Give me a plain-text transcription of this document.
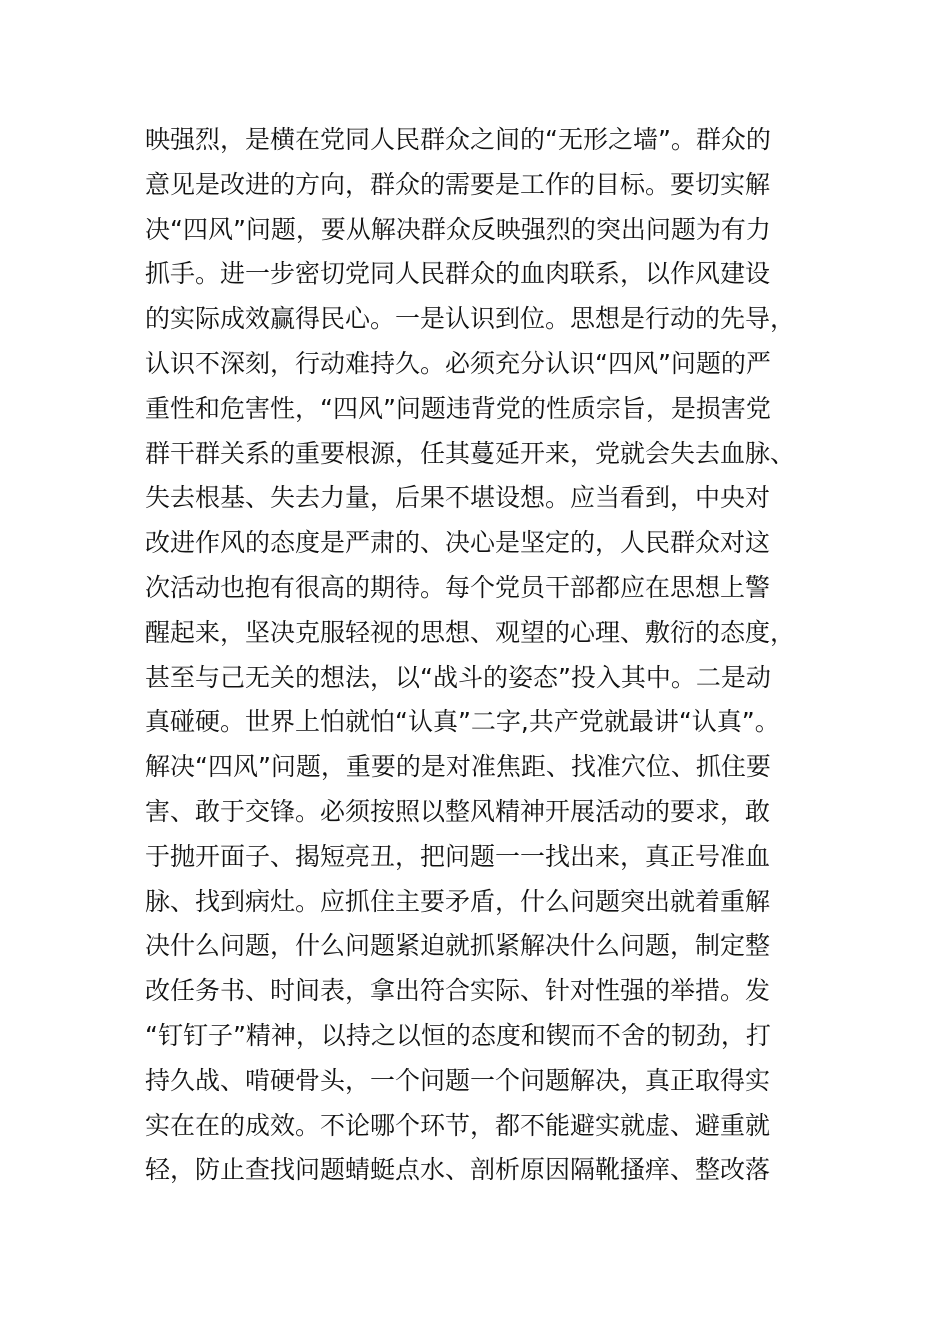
映强烈，是横在党同人民群众之间的“无形之墙”。群众的
意见是改进的方向，群众的需要是工作的目标。要切实解
决“四风”问题，要从解决群众反映强烈的突出问题为有力
抓手。进一步密切党同人民群众的血肉联系，以作风建设
的实际成效赢得民心。一是认识到位。思想是行动的先导，
认识不深刻，行动难持久。必须充分认识“四风”问题的严
重性和危害性，“四风”问题违背党的性质宗旨，是损害党
群干群关系的重要根源，任其蔓延开来，党就会失去血脉、
失去根基、失去力量，后果不堪设想。应当看到，中央对
改进作风的态度是严肃的、决心是坚定的，人民群众对这
次活动也抱有很高的期待。每个党员干部都应在思想上警
醒起来，坚决克服轻视的思想、观望的心理、敷衍的态度，
甚至与己无关的想法，以“战斗的姿态”投入其中。二是动
真碰硬。世界上怕就怕“认真”二字,共产党就最讲“认真”。
解决“四风”问题，重要的是对准焦距、找准穴位、抓住要
害、敢于交锋。必须按照以整风精神开展活动的要求，敢
于抛开面子、揭短亮丑，把问题一一找出来，真正号准血
脉、找到病灶。应抓住主要矛盾，什么问题突出就着重解
决什么问题，什么问题紧迫就抓紧解决什么问题，制定整
改任务书、时间表，拿出符合实际、针对性强的举措。发
“钉钉子”精神，以持之以恒的态度和锲而不舍的韧劲，打
持久战、啃硬骨头，一个问题一个问题解决，真正取得实
实在在的成效。不论哪个环节，都不能避实就虚、避重就
轻，防止查找问题蜻蜓点水、剖析原因隔靴搔痒、整改落
